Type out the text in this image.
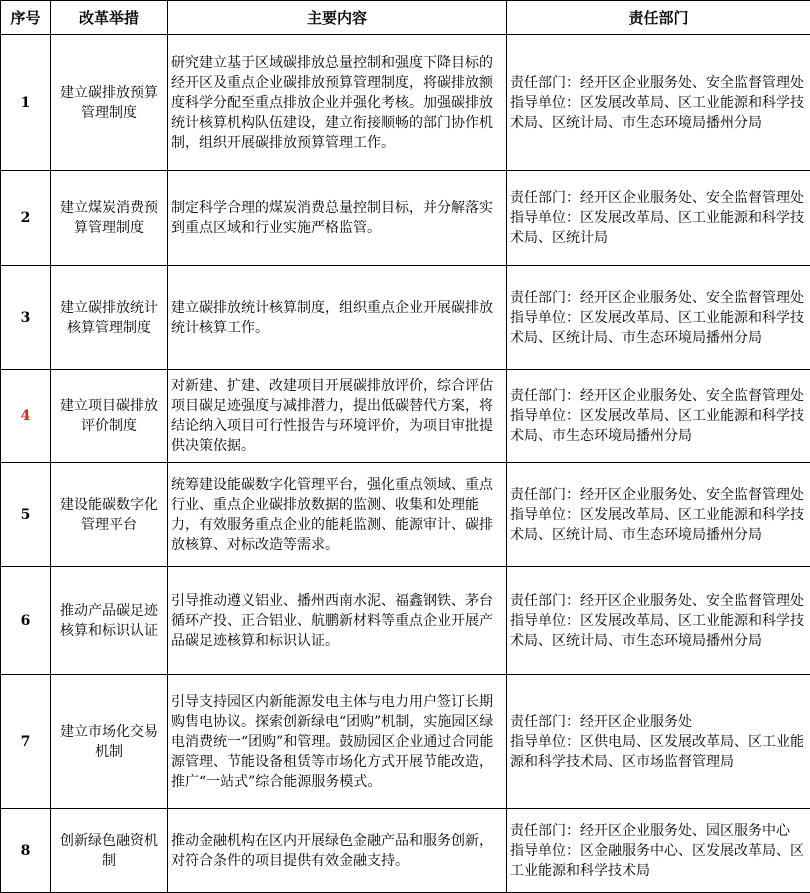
序号	改革举措	主要内容	责任部门
1	建立碳排放预算管理制度	研究建立基于区域碳排放总量控制和强度下降目标的经开区及重点企业碳排放预算管理制度，将碳排放额度科学分配至重点排放企业并强化考核。加强碳排放统计核算机构队伍建设，建立衔接顺畅的部门协作机制，组织开展碳排放预算管理工作。	责任部门：经开区企业服务处、安全监督管理处
指导单位：区发展改革局、区工业能源和科学技术局、区统计局、市生态环境局播州分局

2	建立煤炭消费预算管理制度	制定科学合理的煤炭消费总量控制目标，并分解落实到重点区域和行业实施严格监管。	责任部门：经开区企业服务处、安全监督管理处
指导单位：区发展改革局、区工业能源和科学技术局、区统计局

3	建立碳排放统计核算管理制度	建立碳排放统计核算制度，组织重点企业开展碳排放统计核算工作。	责任部门：经开区企业服务处、安全监督管理处
指导单位：区发展改革局、区工业能源和科学技术局、区统计局、市生态环境局播州分局

4	建立项目碳排放评价制度	对新建、扩建、改建项目开展碳排放评价，综合评估项目碳足迹强度与减排潜力，提出低碳替代方案，将结论纳入项目可行性报告与环境评价，为项目审批提供决策依据。	责任部门：经开区企业服务处、安全监督管理处
指导单位：区发展改革局、区工业能源和科学技术局、市生态环境局播州分局

5	建设能碳数字化管理平台	统筹建设能碳数字化管理平台，强化重点领域、重点行业、重点企业碳排放数据的监测、收集和处理能力，有效服务重点企业的能耗监测、能源审计、碳排放核算、对标改造等需求。	责任部门：经开区企业服务处、安全监督管理处
指导单位：区发展改革局、区工业能源和科学技术局、区统计局、市生态环境局播州分局

6	推动产品碳足迹核算和标识认证	引导推动遵义铝业、播州西南水泥、福鑫钢铁、茅台循环产投、正合铝业、航鹏新材料等重点企业开展产品碳足迹核算和标识认证。	责任部门：经开区企业服务处、安全监督管理处
指导单位：区发展改革局、区工业能源和科学技术局、区统计局、市生态环境局播州分局

7	建立市场化交易机制	引导支持园区内新能源发电主体与电力用户签订长期购售电协议。探索创新绿电“团购”机制，实施园区绿电消费统一“团购”和管理。鼓励园区企业通过合同能源管理、节能设备租赁等市场化方式开展节能改造，推广“一站式”综合能源服务模式。	责任部门：经开区企业服务处
指导单位：区供电局、区发展改革局、区工业能源和科学技术局、区市场监督管理局

8	创新绿色融资机制	推动金融机构在区内开展绿色金融产品和服务创新，对符合条件的项目提供有效金融支持。	责任部门：经开区企业服务处、园区服务中心
指导单位：区金融服务中心、区发展改革局、区工业能源和科学技术局
